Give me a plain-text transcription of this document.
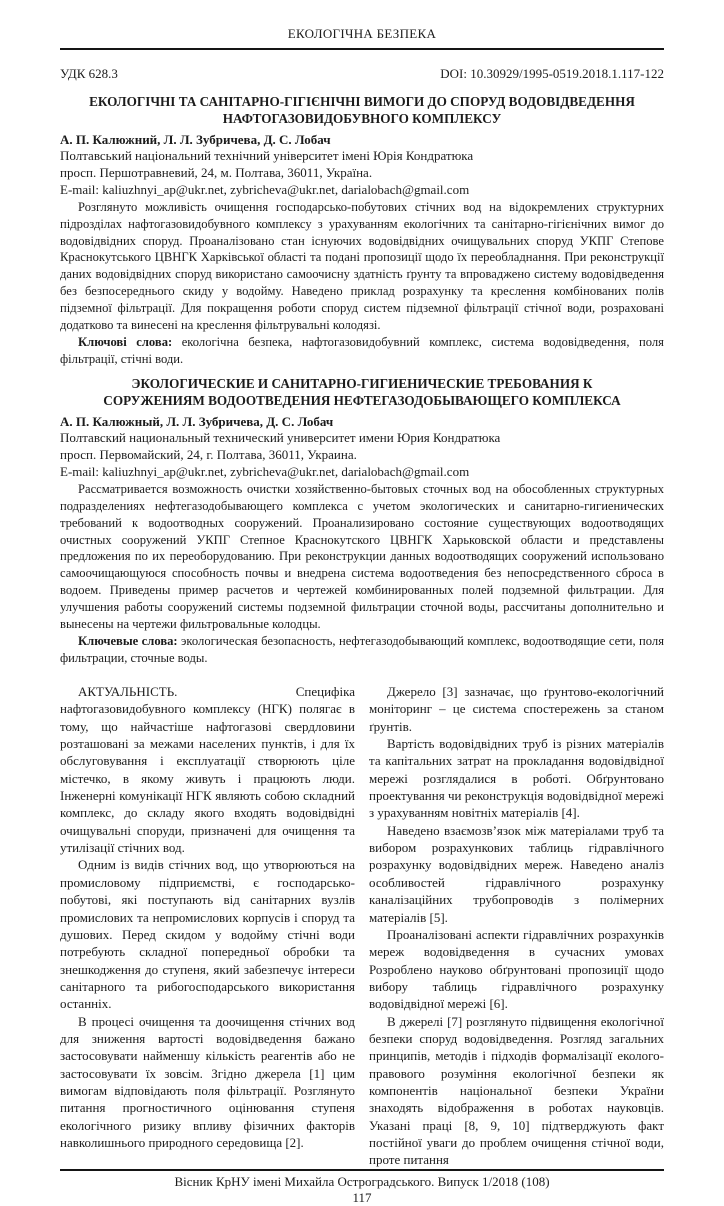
ЕКОЛОГІЧНА БЕЗПЕКА
УДК 628.3	DOI: 10.30929/1995-0519.2018.1.117-122
ЕКОЛОГІЧНІ ТА САНІТАРНО-ГІГІЄНІЧНІ ВИМОГИ ДО СПОРУД ВОДОВІДВЕДЕННЯ НАФТОГАЗОВИДОБУВНОГО КОМПЛЕКСУ
А. П. Калюжний, Л. Л. Зубричева, Д. С. Лобач
Полтавський національний технічний університет імені Юрія Кондратюка
просп. Першотравневий, 24, м. Полтава, 36011, Україна.
E-mail: kaliuzhnyi_ap@ukr.net, zybricheva@ukr.net, darialobach@gmail.com

Розглянуто можливість очищення господарсько-побутових стічних вод на відокремлених структурних підрозділах нафтогазовидобувного комплексу з урахуванням екологічних та санітарно-гігієнічних вимог до водовідвідних споруд. Проаналізовано стан існуючих водовідвідних очищувальних споруд УКПГ Степове Краснокутського ЦВНГК Харківської області та подані пропозиції щодо їх переобладнання. При реконструкції даних водовідвідних споруд використано самоочисну здатність ґрунту та впроваджено систему водовідведення без безпосереднього скиду у водойму. Наведено приклад розрахунку та креслення комбінованих полів підземної фільтрації. Для покращення роботи споруд систем підземної фільтрації стічної води, розраховані додатково та винесені на креслення фільтрувальні колодязі.

Ключові слова: екологічна безпека, нафтогазовидобувний комплекс, система водовідведення, поля фільтрації, стічні води.

ЭКОЛОГИЧЕСКИЕ И САНИТАРНО-ГИГИЕНИЧЕСКИЕ ТРЕБОВАНИЯ К СОРУЖЕНИЯМ ВОДООТВЕДЕНИЯ НЕФТЕГАЗОДОБЫВАЮЩЕГО КОМПЛЕКСА
А. П. Калюжный, Л. Л. Зубричева, Д. С. Лобач
Полтавский национальный технический университет имени Юрия Кондратюка
просп. Первомайский, 24, г. Полтава, 36011, Украина.
E-mail: kaliuzhnyi_ap@ukr.net, zybricheva@ukr.net, darialobach@gmail.com

Рассматривается возможность очистки хозяйственно-бытовых сточных вод на обособленных структурных подразделениях нефтегазодобывающего комплекса с учетом экологических и санитарно-гигиенических требований к водоотводных сооружений. Проанализировано состояние существующих водоотводящих очистных сооружений УКПГ Степное Краснокутского ЦВНГК Харьковской области и представлены предложения по их переоборудованию. При реконструкции данных водоотводящих сооружений использовано самоочищающуюся способность почвы и внедрена система водоотведения без непосредственного сброса в водоем. Приведены пример расчетов и чертежей комбинированных полей подземной фильтрации. Для улучшения работы сооружений системы подземной фильтрации сточной воды, рассчитаны дополнительно и вынесены на чертежи фильтровальные колодцы.

Ключевые слова: экологическая безопасность, нефтегазодобывающий комплекс, водоотводящие сети, поля фильтрации, сточные воды.

АКТУАЛЬНІСТЬ. Специфіка нафтогазовидобувного комплексу (НГК) полягає в тому, що найчастіше нафтогазові свердловини розташовані за межами населених пунктів, і для їх обслуговування і експлуатації створюють ціле містечко, в якому живуть і працюють люди. Інженерні комунікації НГК являють собою складний комплекс, до складу якого входять водовідвідні очищувальні споруди, призначені для очищення та утилізації стічних вод.

Одним із видів стічних вод, що утворюються на промисловому підприємстві, є господарсько-побутові, які поступають від санітарних вузлів промислових та непромислових корпусів і споруд та душових. Перед скидом у водойму стічні води потребують складної попередньої обробки та знешкодження до ступеня, який забезпечує інтереси санітарного та рибогосподарського використання останніх.

В процесі очищення та доочищення стічних вод для зниження вартості водовідведення бажано застосовувати найменшу кількість реагентів або не застосовувати їх зовсім. Згідно джерела [1] цим вимогам відповідають поля фільтрації. Розглянуто питання прогностичного оцінювання ступеня екологічного ризику впливу фізичних факторів навколишнього природного середовища [2].

Джерело [3] зазначає, що ґрунтово-екологічний моніторинг – це система спостережень за станом ґрунтів.

Вартість водовідвідних труб із різних матеріалів та капітальних затрат на прокладання водовідвідної мережі розглядалися в роботі. Обґрунтовано проектування чи реконструкція водовідвідної мережі з урахуванням новітніх матеріалів [4].

Наведено взаємозв’язок між матеріалами труб та вибором розрахункових таблиць гідравлічного розрахунку водовідвідних мереж. Наведено аналіз особливостей гідравлічного розрахунку каналізаційних трубопроводів з полімерних матеріалів [5].

Проаналізовані аспекти гідравлічних розрахунків мереж водовідведення в сучасних умовах Розроблено науково обґрунтовані пропозиції щодо вибору таблиць гідравлічного розрахунку водовідвідної мережі [6].

В джерелі [7] розглянуто підвищення екологічної безпеки споруд водовідведення. Розгляд загальних принципів, методів і підходів формалізації еколого-правового розуміння екологічної безпеки як компонентів національної безпеки України знаходять відображення в роботах науковців. Указані праці [8, 9, 10] підтверджують факт постійної уваги до проблем очищення стічної води, проте питання

Вісник КрНУ імені Михайла Остроградського. Випуск 1/2018 (108)
117
